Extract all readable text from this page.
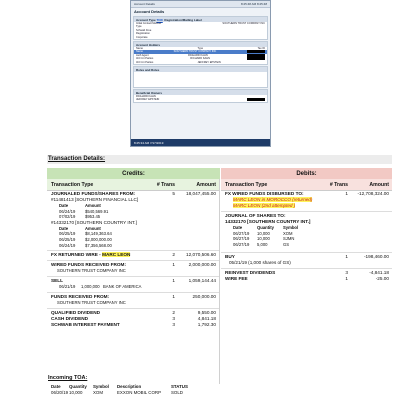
Account Details	8:25:48 AM 8:25:48
Account Details
Account Type
TOD
Registration/Mailing Label
Initial Contact Method	SOUTHERN TRUST COMPANY INC
Type
Schwab Free
Registration
Corporate
Account Holders
Name	Type	Tax ID
Name	SOUTHERN TRUST COMPANY INC
Auth Agent	RICHARD KAHN
3rd Cnt Parties	RICHARD KAHN
3rd Cnt Parties	JEFFREY EPSTEIN
Roles and Roles
Beneficial Owners
RICHARD KAHN
JEFFREY EPSTEIN
8:25:34 AM 7/17/2019
Transaction Details:
Credits:	Debits:
Transaction Type	# Trans	Amount
JOURNALED FUNDS/SHARES FROM:	5	18,047,455.00
#11481413 [SOUTHERN FINANCIAL LLC]
Date	Amount
06/24/19	$540,569.91
07/02/19	$953.45
#14332170 [SOUTHERN COUNTRY INT.]
Date	Amount
06/25/19	$8,149,363.64
06/25/19	$2,000,000.00
06/24/19	$7,356,568.00
FX RETURNED WIRE - MARC LEON	2	12,070,506.60
WIRED FUNDS RECEIVED FROM:	1	2,000,000.00
SOUTHERN TRUST COMPANY INC
SELL	1	1,059,144.44
06/21/19	1,000,000 BANK OF AMERICA
FUNDS RECEIVED FROM:	1	250,000.00
SOUTHERN TRUST COMPANY INC
QUALIFIED DIVIDEND	2	9,550.00
CASH DIVIDEND	3	4,841.18
SCHWAB INTEREST PAYMENT	3	1,792.30
Transaction Type	# Trans	Amount
FX WIRED FUNDS DISBURSED TO:	1	-12,708,324.00
MARC LEON in MOROCCO (returned)
MARC LEON (2nd attempted )
JOURNAL OF SHARES TO:
14332170 [SOUTHERN COUNTRY INT.]
Date	Quantity	Symbol
06/27/19	10,000	XOM
06/27/19	10,000	SJMN
06/27/19	5,000	GS
BUY	1	-198,460.00
05/21/19 (1,000 shares of GS)
REINVEST DIVIDENDS	3	-4,841.18
WIRE FEE	1	-25.00
Incoming TOA:
Date	Quantity	Symbol	Description	STATUS
06/20/19 10,000	XOM	EXXON MOBIL CORP	SOLD
